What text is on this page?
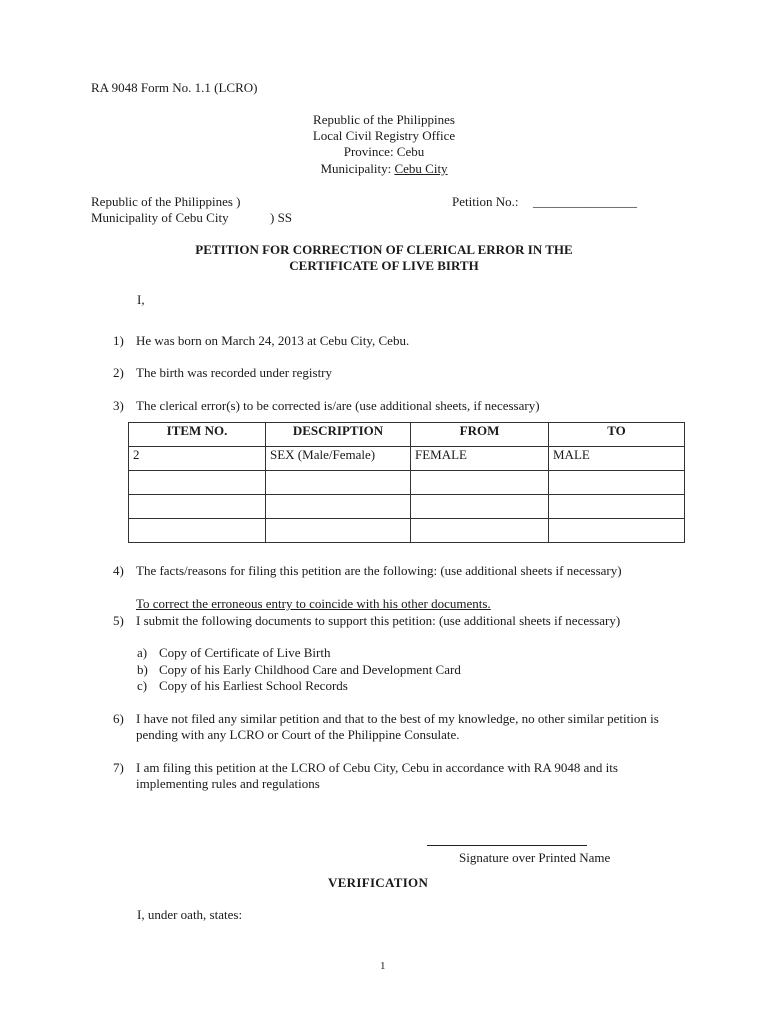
RA 9048 Form No. 1.1 (LCRO)
Republic of the Philippines
Local Civil Registry Office
Province: Cebu
Municipality: Cebu City
Republic of the Philippines )
Municipality of Cebu City	) SS
Petition No.: ________________
PETITION FOR CORRECTION OF CLERICAL ERROR IN THE
CERTIFICATE OF LIVE BIRTH
I,
1) He was born on March 24, 2013 at Cebu City, Cebu.
2) The birth was recorded under registry
3) The clerical error(s) to be corrected is/are (use additional sheets, if necessary)
ITEM NO.	DESCRIPTION	FROM	TO
2	SEX (Male/Female)	FEMALE	MALE

4) The facts/reasons for filing this petition are the following: (use additional sheets if necessary)
To correct the erroneous entry to coincide with his other documents.
5) I submit the following documents to support this petition: (use additional sheets if necessary)
a) Copy of Certificate of Live Birth
b) Copy of his Early Childhood Care and Development Card
c) Copy of his Earliest School Records
6) I have not filed any similar petition and that to the best of my knowledge, no other similar petition is pending with any LCRO or Court of the Philippine Consulate.
7) I am filing this petition at the LCRO of Cebu City, Cebu in accordance with RA 9048 and its implementing rules and regulations
Signature over Printed Name
VERIFICATION
I, under oath, states:
1
